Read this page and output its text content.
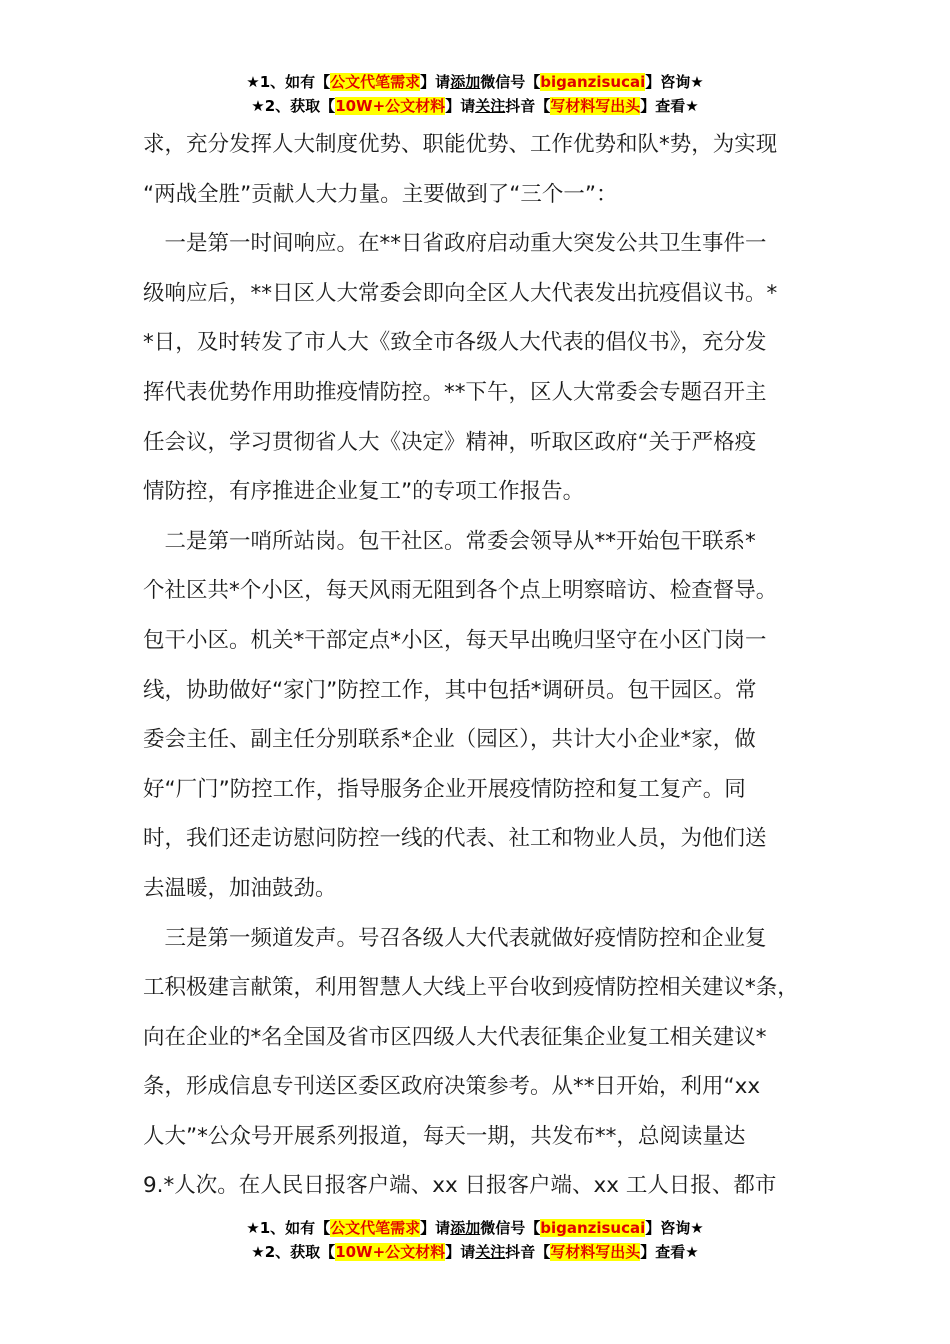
★1、如有【公文代笔需求】请添加微信号【biganzisucai】咨询★
★2、获取【10W+公文材料】请关注抖音【写材料写出头】查看★
求，充分发挥人大制度优势、职能优势、工作优势和队*势，为实现
“两战全胜”贡献人大力量。主要做到了“三个一”：
　一是第一时间响应。在**日省政府启动重大突发公共卫生事件一
级响应后，**日区人大常委会即向全区人大代表发出抗疫倡议书。*
*日，及时转发了市人大《致全市各级人大代表的倡仪书》，充分发
挥代表优势作用助推疫情防控。**下午，区人大常委会专题召开主
任会议，学习贯彻省人大《决定》精神，听取区政府“关于严格疫
情防控，有序推进企业复工”的专项工作报告。
　二是第一哨所站岗。包干社区。常委会领导从**开始包干联系*
个社区共*个小区，每天风雨无阻到各个点上明察暗访、检查督导。
包干小区。机关*干部定点*小区，每天早出晚归坚守在小区门岗一
线，协助做好“家门”防控工作，其中包括*调研员。包干园区。常
委会主任、副主任分别联系*企业（园区），共计大小企业*家，做
好“厂门”防控工作，指导服务企业开展疫情防控和复工复产。同
时，我们还走访慰问防控一线的代表、社工和物业人员，为他们送
去温暖，加油鼓劲。
　三是第一频道发声。号召各级人大代表就做好疫情防控和企业复
工积极建言献策，利用智慧人大线上平台收到疫情防控相关建议*条，
向在企业的*名全国及省市区四级人大代表征集企业复工相关建议*
条，形成信息专刊送区委区政府决策参考。从**日开始，利用“xx
人大”*公众号开展系列报道，每天一期，共发布**，总阅读量达
9.*人次。在人民日报客户端、xx 日报客户端、xx 工人日报、都市
★1、如有【公文代笔需求】请添加微信号【biganzisucai】咨询★
★2、获取【10W+公文材料】请关注抖音【写材料写出头】查看★
